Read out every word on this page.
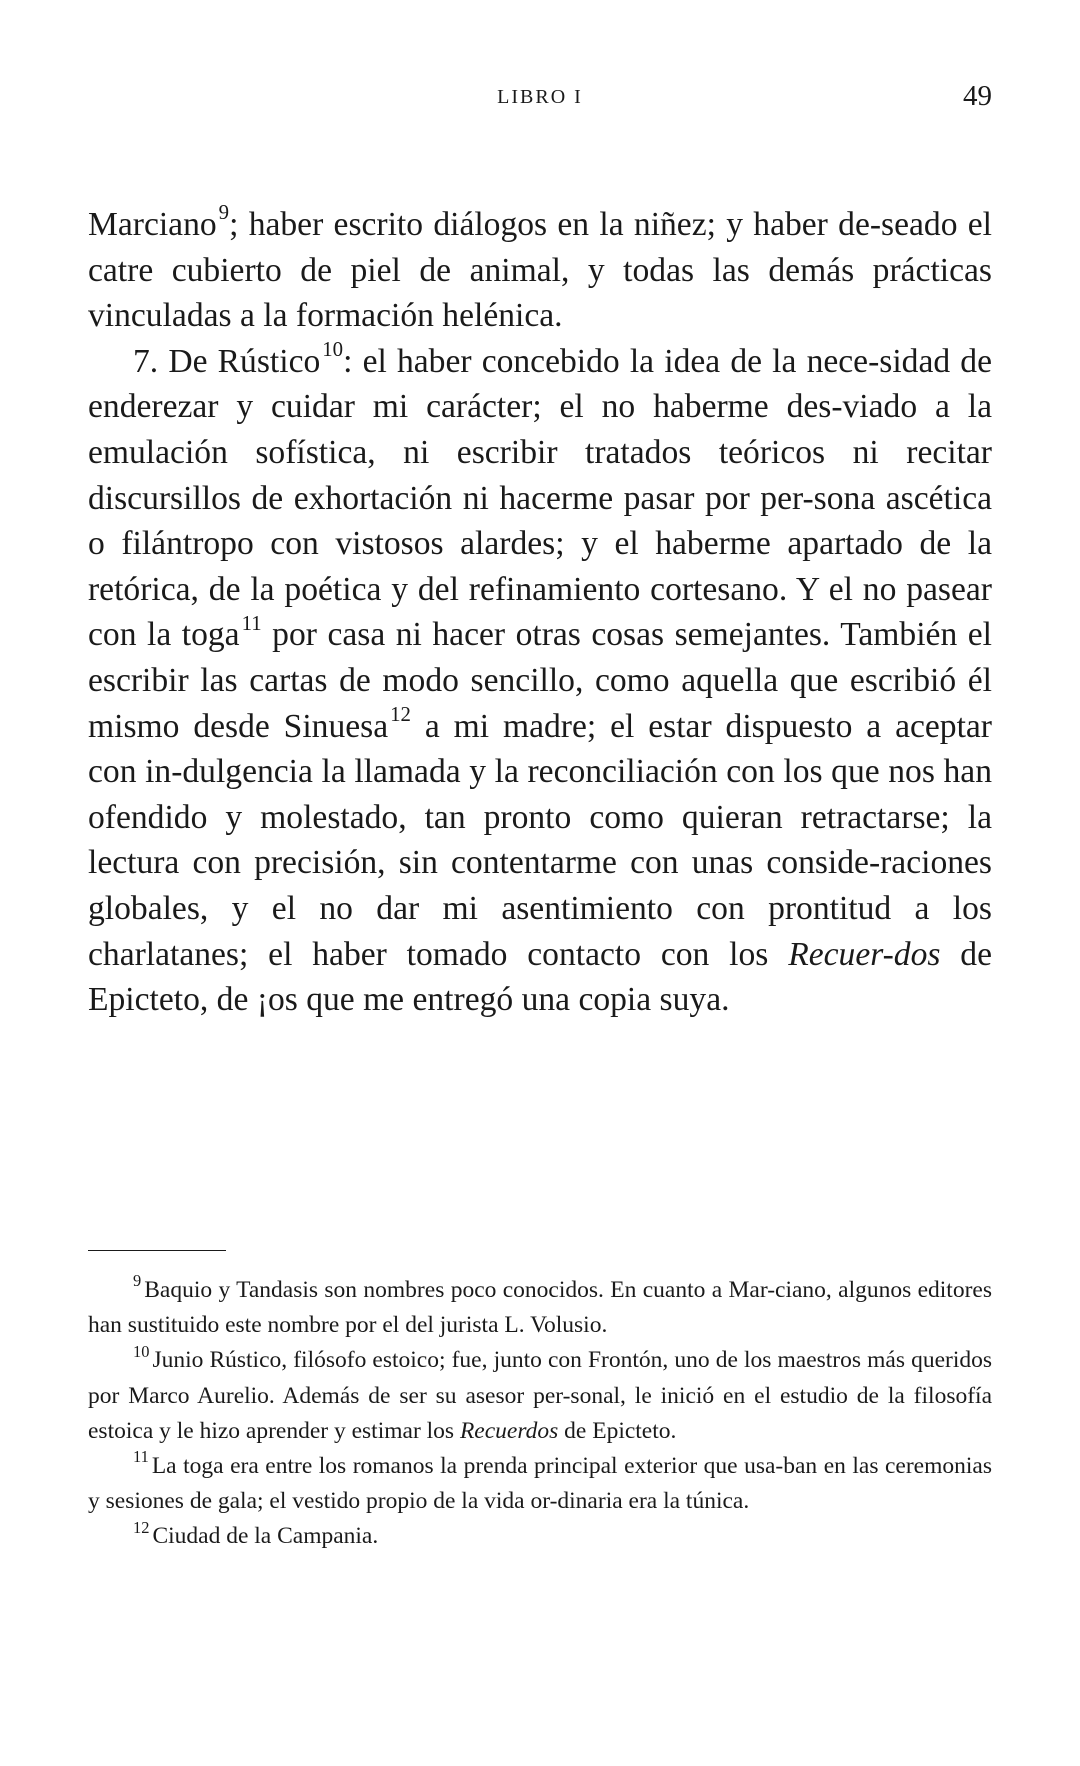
LIBRO I	49

Marciano$^9$; haber escrito diálogos en la niñez; y haber de-seado el catre cubierto de piel de animal, y todas las demás prácticas vinculadas a la formación helénica.

7. De Rústico$^{10}$: el haber concebido la idea de la nece-sidad de enderezar y cuidar mi carácter; el no haberme des-viado a la emulación sofística, ni escribir tratados teóricos ni recitar discursillos de exhortación ni hacerme pasar por per-sona ascética o filántropo con vistosos alardes; y el haberme apartado de la retórica, de la poética y del refinamiento cortesano. Y el no pasear con la toga$^{11}$ por casa ni hacer otras cosas semejantes. También el escribir las cartas de modo sencillo, como aquella que escribió él mismo desde Sinuesa$^{12}$ a mi madre; el estar dispuesto a aceptar con in-dulgencia la llamada y la reconciliación con los que nos han ofendido y molestado, tan pronto como quieran retractarse; la lectura con precisión, sin contentarme con unas conside-raciones globales, y el no dar mi asentimiento con prontitud a los charlatanes; el haber tomado contacto con los Recuer-dos de Epicteto, de ¡os que me entregó una copia suya.

$^9$ Baquio y Tandasis son nombres poco conocidos. En cuanto a Mar-ciano, algunos editores han sustituido este nombre por el del jurista L. Volusio.

$^{10}$ Junio Rústico, filósofo estoico; fue, junto con Frontón, uno de los maestros más queridos por Marco Aurelio. Además de ser su asesor per-sonal, le inició en el estudio de la filosofía estoica y le hizo aprender y estimar los Recuerdos de Epicteto.

$^{11}$ La toga era entre los romanos la prenda principal exterior que usa-ban en las ceremonias y sesiones de gala; el vestido propio de la vida or-dinaria era la túnica.

$^{12}$ Ciudad de la Campania.
